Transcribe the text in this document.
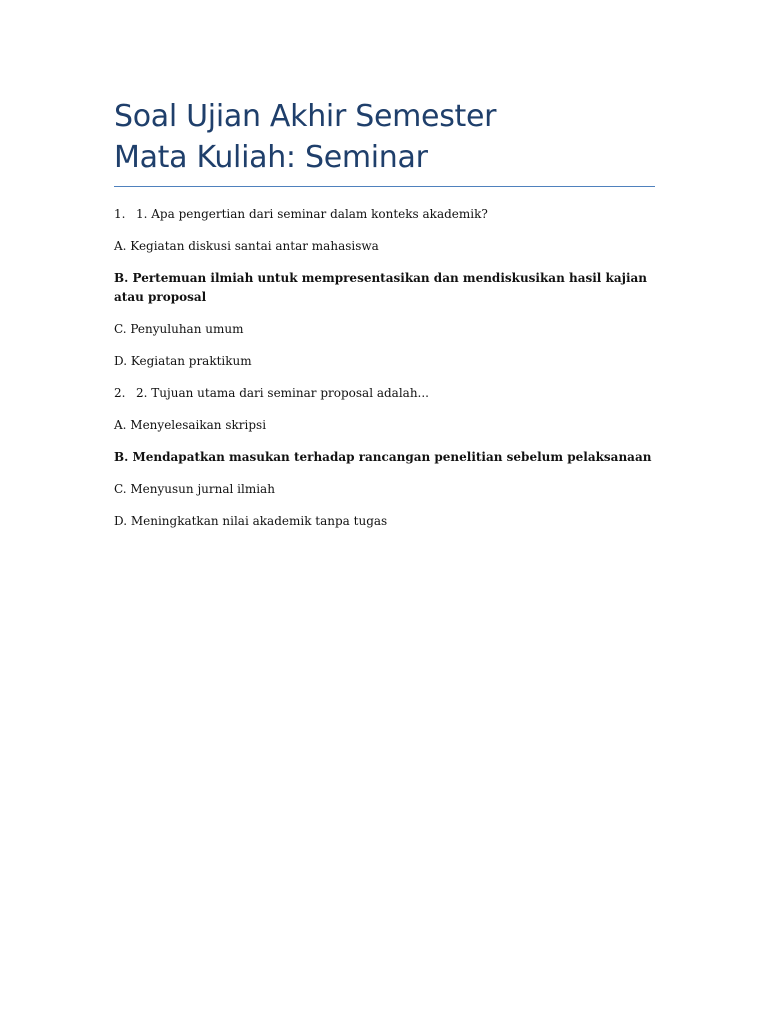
Soal Ujian Akhir Semester
Mata Kuliah: Seminar

1. 1. Apa pengertian dari seminar dalam konteks akademik?

A. Kegiatan diskusi santai antar mahasiswa

B. Pertemuan ilmiah untuk mempresentasikan dan mendiskusikan hasil kajian atau proposal

C. Penyuluhan umum

D. Kegiatan praktikum

2. 2. Tujuan utama dari seminar proposal adalah...

A. Menyelesaikan skripsi

B. Mendapatkan masukan terhadap rancangan penelitian sebelum pelaksanaan

C. Menyusun jurnal ilmiah

D. Meningkatkan nilai akademik tanpa tugas
